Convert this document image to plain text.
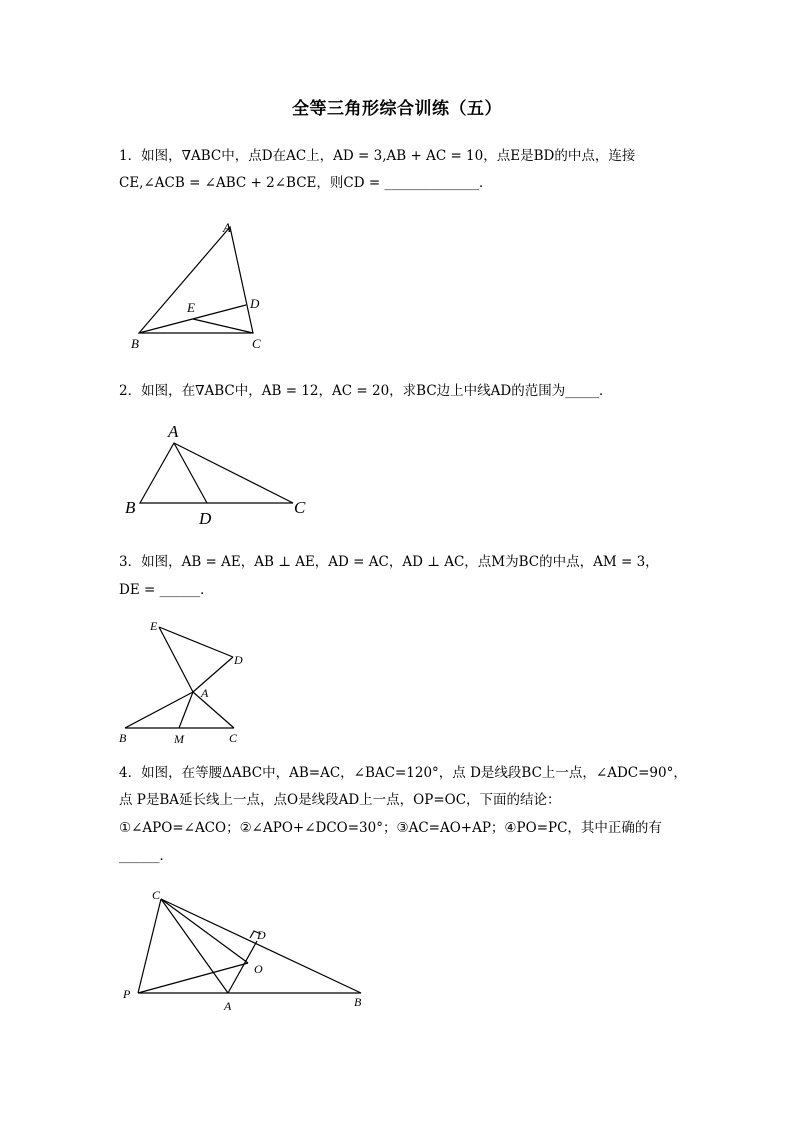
全等三角形综合训练（五）
1．如图，∇ABC中，点D在AC上，AD = 3,AB + AC = 10，点E是BD的中点，连接
CE,∠ACB = ∠ABC + 2∠BCE，则CD = ______________．
A
B	C
D
E
2．如图，在∇ABC中，AB = 12，AC = 20，求BC边上中线AD的范围为_____．
A
B	C
D
3．如图，AB = AE，AB ⊥ AE，AD = AC，AD ⊥ AC，点M为BC的中点，AM = 3，
DE = ______．
E
D
A
B	M	C
4．如图，在等腰ΔABC中，AB=AC，∠BAC=120°，点 D是线段BC上一点，∠ADC=90°，
点 P是BA延长线上一点，点O是线段AD上一点，OP=OC，下面的结论：
①∠APO=∠ACO；②∠APO+∠DCO=30°；③AC=AO+AP；④PO=PC，其中正确的有
______．
C
D
O
P
A	B
